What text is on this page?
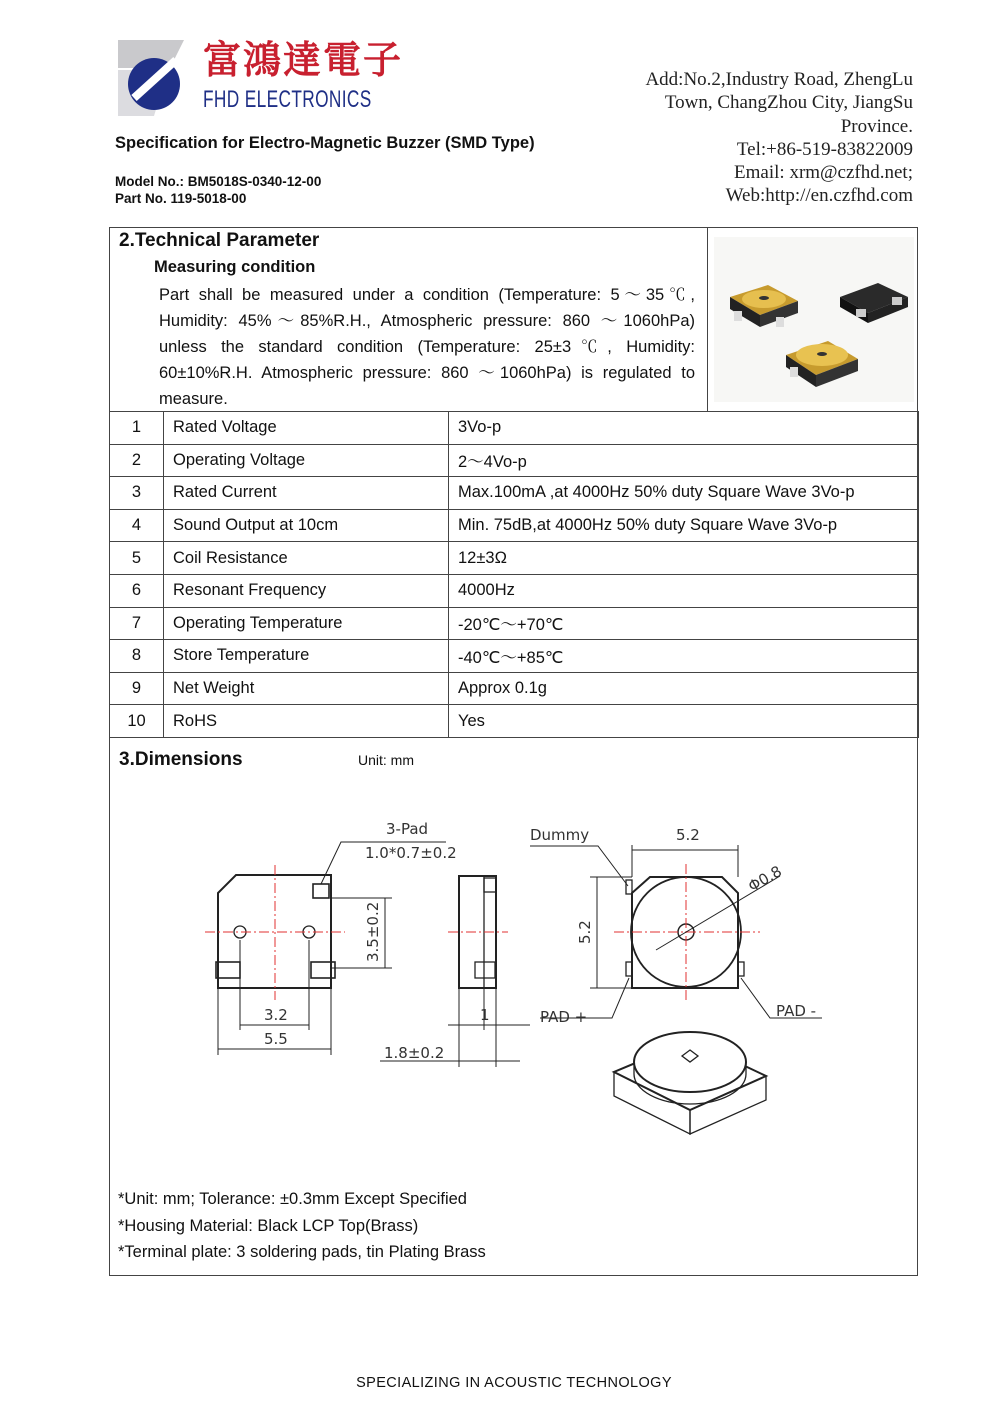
富鴻達電子
FHD ELECTRONICS
Add:No.2,Industry Road, ZhengLu
Town, ChangZhou City, JiangSu
Province.
Tel:+86-519-83822009
Email: xrm@czfhd.net;
Web:http://en.czfhd.com
Specification for Electro-Magnetic Buzzer (SMD Type)
Model No.: BM5018S-0340-12-00
Part No. 119-5018-00
2.Technical Parameter
Measuring condition
Part shall be measured under a condition (Temperature: 5～35℃, Humidity: 45%～85%R.H., Atmospheric pressure: 860 ～1060hPa) unless the standard condition (Temperature: 25±3℃, Humidity: 60±10%R.H. Atmospheric pressure: 860 ～1060hPa) is regulated to measure.
1	Rated Voltage	3Vo-p
2	Operating Voltage	2～4Vo-p
3	Rated Current	Max.100mA ,at 4000Hz 50% duty Square Wave 3Vo-p
4	Sound Output at 10cm	Min. 75dB,at 4000Hz 50% duty Square Wave 3Vo-p
5	Coil Resistance	12±3Ω
6	Resonant Frequency	4000Hz
7	Operating Temperature	-20℃～+70℃
8	Store Temperature	-40℃～+85℃
9	Net Weight	Approx 0.1g
10	RoHS	Yes
3.Dimensions	Unit: mm
3-Pad
1.0*0.7±0.2
3.5±0.2
3.2
5.5
1
1.8±0.2
Dummy	5.2
5.2
Φ0.8
PAD +	PAD -
*Unit: mm; Tolerance: ±0.3mm Except Specified
*Housing Material: Black LCP Top(Brass)
*Terminal plate: 3 soldering pads, tin Plating Brass
SPECIALIZING IN ACOUSTIC TECHNOLOGY
